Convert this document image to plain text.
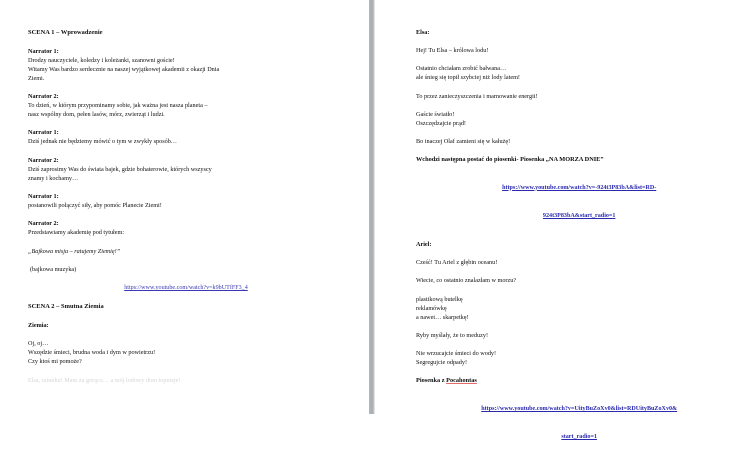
SCENA 1 – Wprowadzenie

Narrator 1:

Drodzy nauczyciele, koledzy i koleżanki, szanowni goście!

Witamy Was bardzo serdecznie na naszej wyjątkowej akademii z okazji Dnia

Ziemi.

Narrator 2:

To dzień, w którym przypominamy sobie, jak ważna jest nasza planeta –

nasz wspólny dom, pełen lasów, mórz, zwierząt i ludzi.

Narrator 1:

Dziś jednak nie będziemy mówić o tym w zwykły sposób…

Narrator 2:

Dziś zaprosimy Was do świata bajek, gdzie bohaterowie, których wszyscy

znamy i kochamy…

Narrator 1:

postanowili połączyć siły, aby pomóc Planecie Ziemi!

Narrator 2:

Przedstawiamy akademię pod tytułem:

„Bajkowa misja – ratujemy Ziemię!”

(bajkowa muzyka)

https://www.youtube.com/watch?v=k9bUTfFF3_4

SCENA 2 – Smutna Ziemia

Ziemia:

Oj, oj…

Wszędzie śmieci, brudna woda i dym w powietrzu!

Czy ktoś mi pomoże?

Elsa, ratunku! Mam za gorąco… a mój lodowy dom topnieje!

Elsa:

Hej! Tu Elsa – królowa lodu!

Ostatnio chciałam zrobić bałwana…

ale śnieg się topił szybciej niż lody latem!

To przez zanieczyszczenia i marnowanie energii!

Gaście światło!

Oszczędzajcie prąd!

Bo inaczej Olaf zamieni się w kałużę!

Wchodzi następna postać do piosenki- Piosenka „NA MORZA DNIE”

https://www.youtube.com/watch?v=-924t3P83bA&list=RD-

924t3P83bA&start_radio=1

Ariel:

Cześć! Tu Ariel z głębin oceanu!

Wiecie, co ostatnio znalazłam w morzu?

plastikową butelkę

reklamówkę

a nawet… skarpetkę!

Ryby myślały, że to meduzy!

Nie wrzucajcie śmieci do wody!

Segregujcie odpady!

Piosenka z Pocahontas

https://www.youtube.com/watch?v=UityBuZoXv0&list=RDUityBuZoXv0&

start_radio=1
